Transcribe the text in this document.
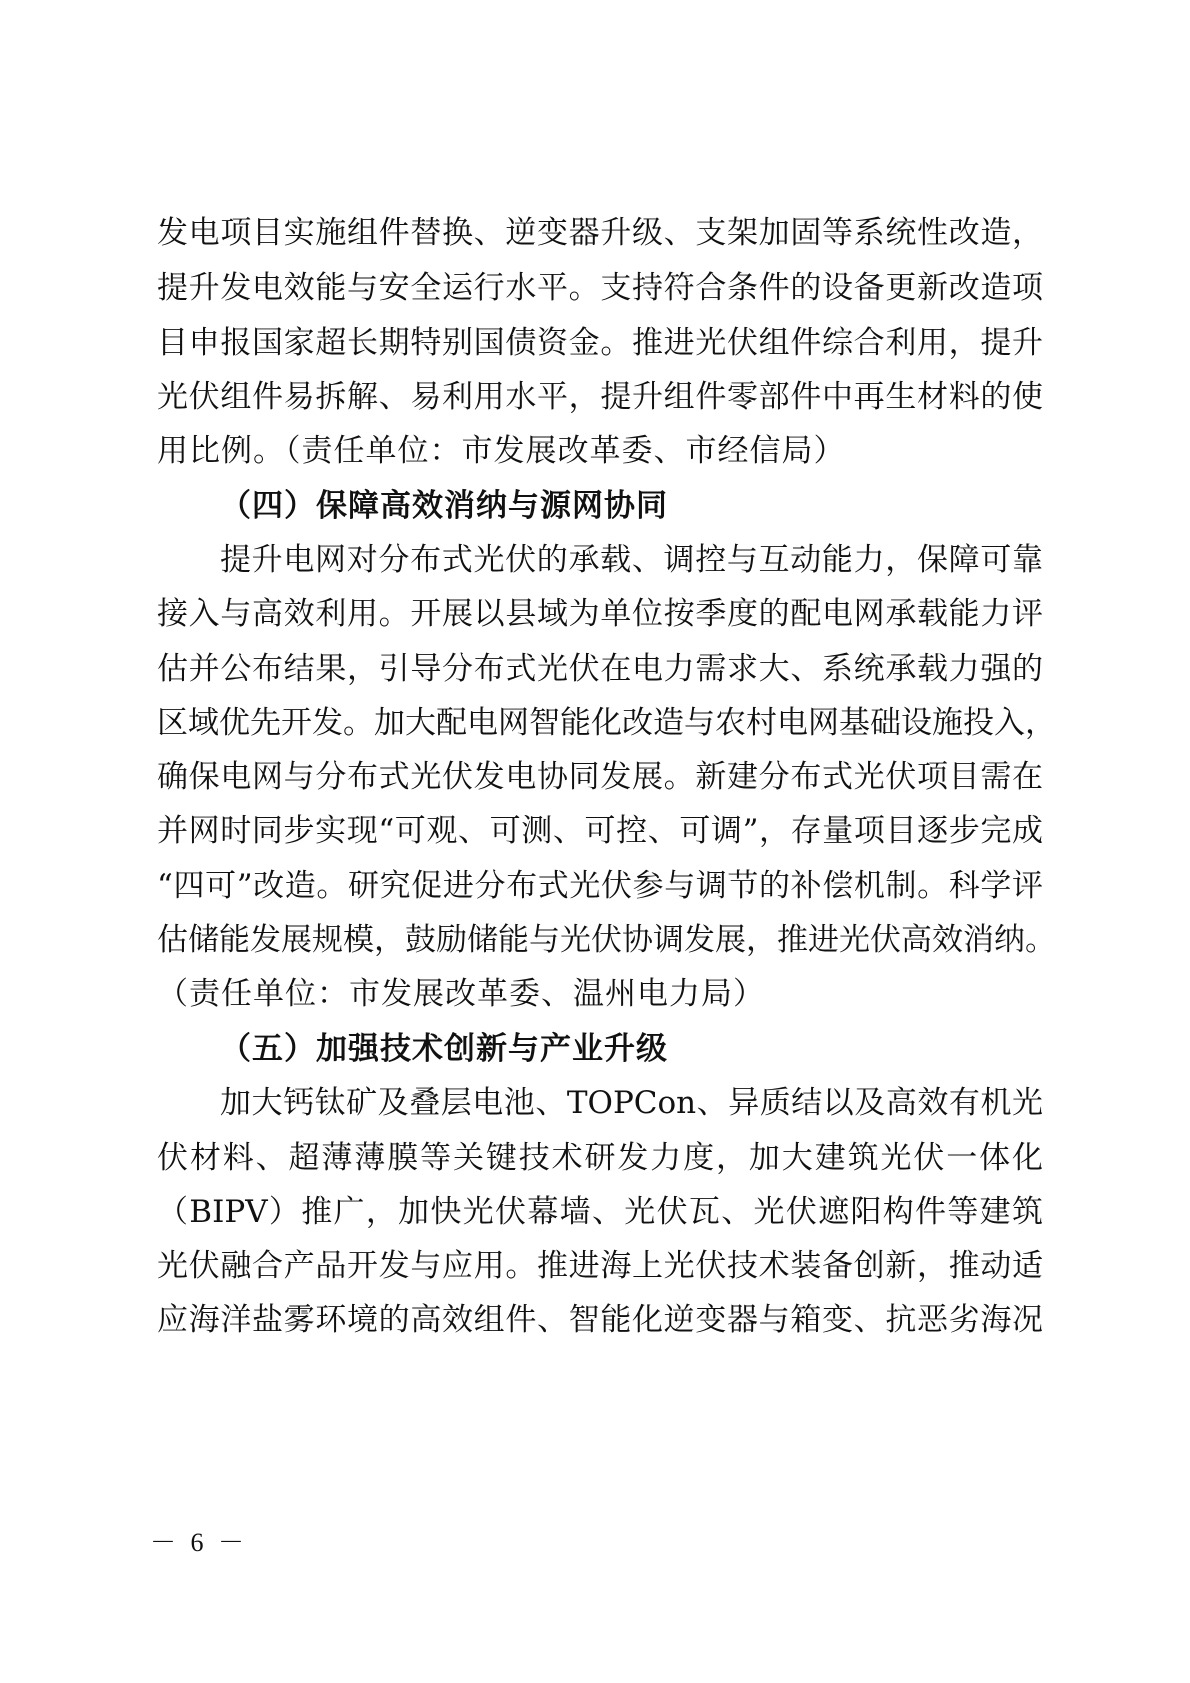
发电项目实施组件替换、逆变器升级、支架加固等系统性改造，
提升发电效能与安全运行水平。支持符合条件的设备更新改造项
目申报国家超长期特别国债资金。推进光伏组件综合利用，提升
光伏组件易拆解、易利用水平，提升组件零部件中再生材料的使
用比例。（责任单位：市发展改革委、市经信局）
（四）保障高效消纳与源网协同
提升电网对分布式光伏的承载、调控与互动能力，保障可靠
接入与高效利用。开展以县域为单位按季度的配电网承载能力评
估并公布结果，引导分布式光伏在电力需求大、系统承载力强的
区域优先开发。加大配电网智能化改造与农村电网基础设施投入，
确保电网与分布式光伏发电协同发展。新建分布式光伏项目需在
并网时同步实现“可观、可测、可控、可调”，存量项目逐步完成
“四可”改造。研究促进分布式光伏参与调节的补偿机制。科学评
估储能发展规模，鼓励储能与光伏协调发展，推进光伏高效消纳。
（责任单位：市发展改革委、温州电力局）
（五）加强技术创新与产业升级
加大钙钛矿及叠层电池、TOPCon、异质结以及高效有机光
伏材料、超薄薄膜等关键技术研发力度，加大建筑光伏一体化
（BIPV）推广，加快光伏幕墙、光伏瓦、光伏遮阳构件等建筑
光伏融合产品开发与应用。推进海上光伏技术装备创新，推动适
应海洋盐雾环境的高效组件、智能化逆变器与箱变、抗恶劣海况
－ 6 －
